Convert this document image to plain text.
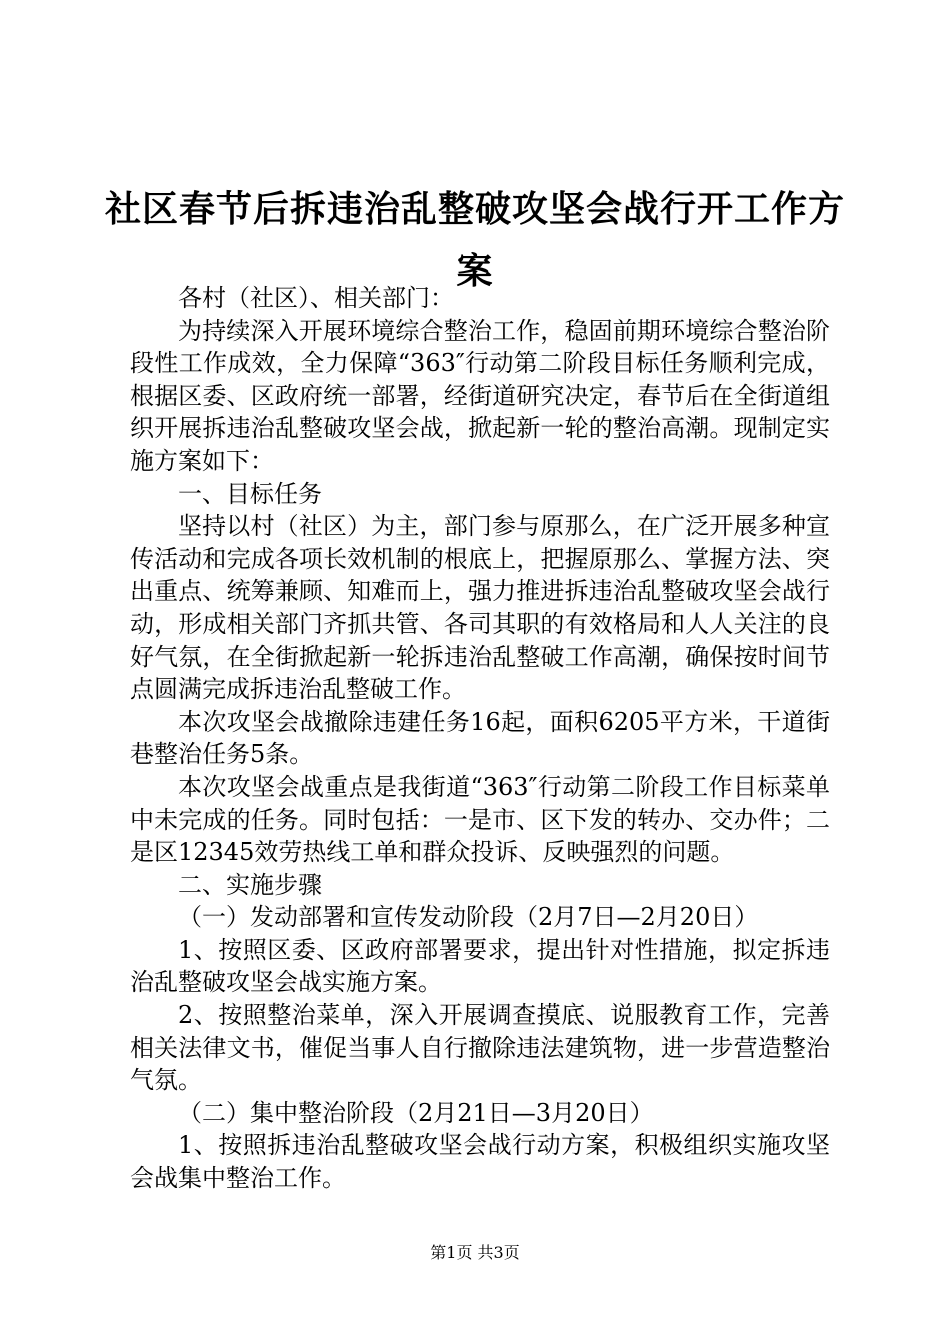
社区春节后拆违治乱整破攻坚会战行开工作方案

各村（社区）、相关部门：

为持续深入开展环境综合整治工作，稳固前期环境综合整治阶段性工作成效，全力保障“363″行动第二阶段目标任务顺利完成，根据区委、区政府统一部署，经街道研究决定，春节后在全街道组织开展拆违治乱整破攻坚会战，掀起新一轮的整治高潮。现制定实施方案如下：

一、目标任务

坚持以村（社区）为主，部门参与原那么，在广泛开展多种宣传活动和完成各项长效机制的根底上，把握原那么、掌握方法、突出重点、统筹兼顾、知难而上，强力推进拆违治乱整破攻坚会战行动，形成相关部门齐抓共管、各司其职的有效格局和人人关注的良好气氛，在全街掀起新一轮拆违治乱整破工作高潮，确保按时间节点圆满完成拆违治乱整破工作。

本次攻坚会战撤除违建任务16起，面积6205平方米，干道街巷整治任务5条。

本次攻坚会战重点是我街道“363″行动第二阶段工作目标菜单中未完成的任务。同时包括：一是市、区下发的转办、交办件；二是区12345效劳热线工单和群众投诉、反映强烈的问题。

二、实施步骤

（一）发动部署和宣传发动阶段（2月7日—2月20日）

1、按照区委、区政府部署要求，提出针对性措施，拟定拆违治乱整破攻坚会战实施方案。

2、按照整治菜单，深入开展调查摸底、说服教育工作，完善相关法律文书，催促当事人自行撤除违法建筑物，进一步营造整治气氛。

（二）集中整治阶段（2月21日—3月20日）

1、按照拆违治乱整破攻坚会战行动方案，积极组织实施攻坚会战集中整治工作。

第1页 共3页
